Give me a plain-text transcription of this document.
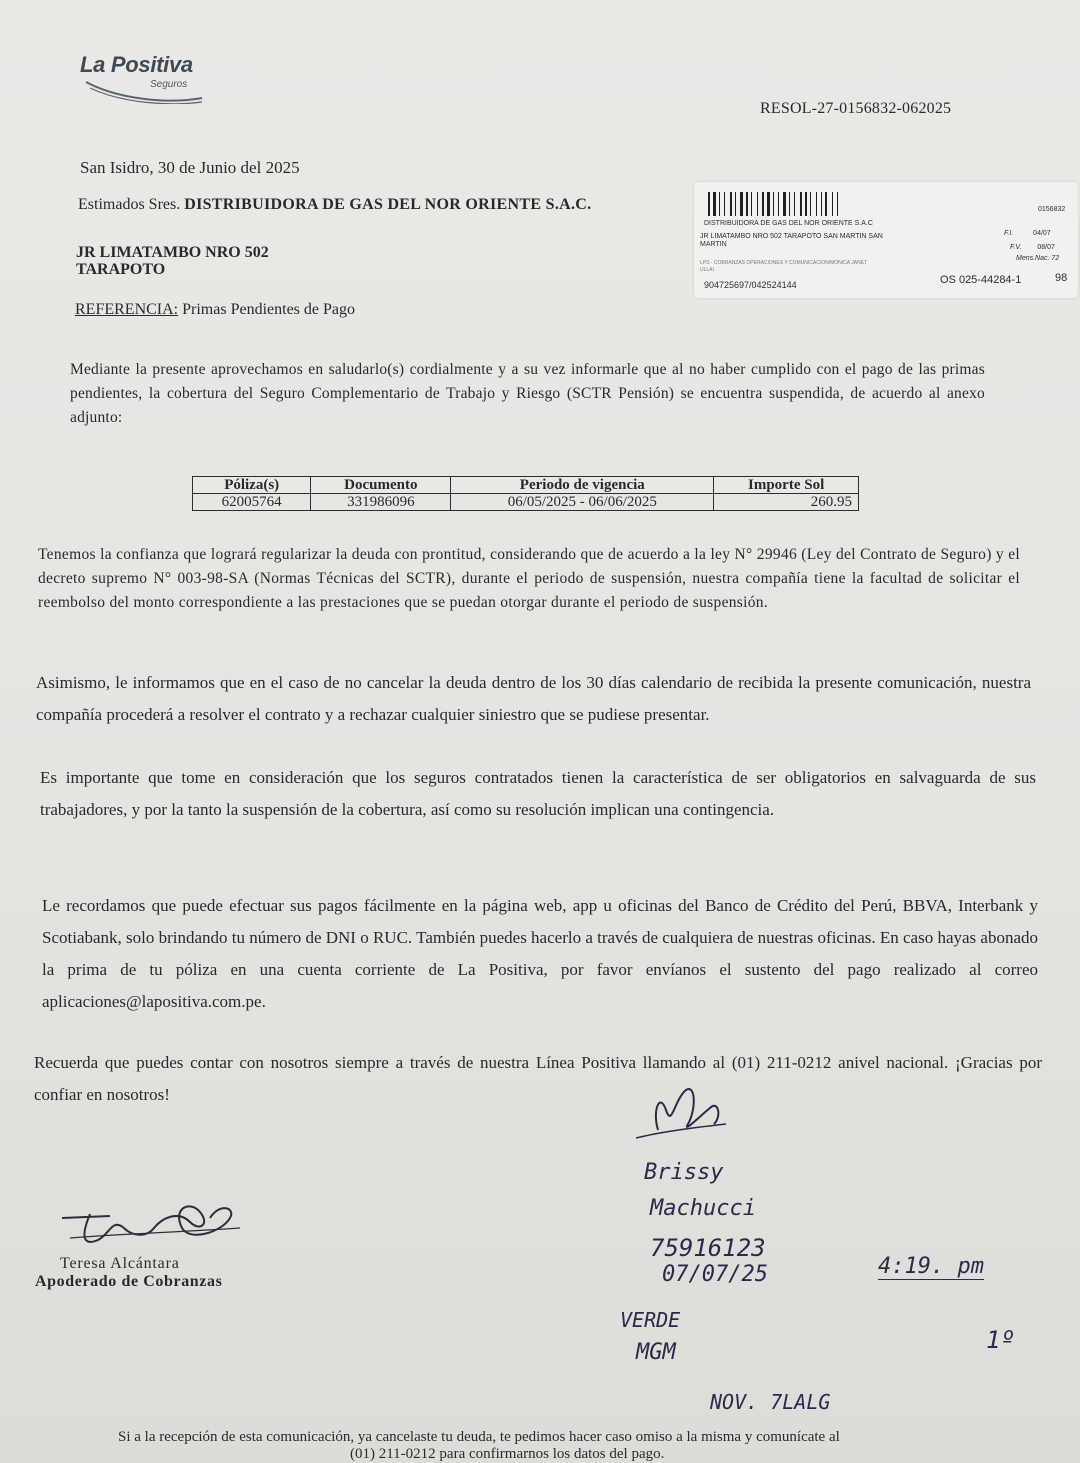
La Positiva
Seguros
RESOL-27-0156832-062025
San Isidro, 30 de Junio del 2025
Estimados Sres. DISTRIBUIDORA DE GAS DEL NOR ORIENTE S.A.C.
JR LIMATAMBO NRO 502
TARAPOTO
REFERENCIA: Primas Pendientes de Pago
0156832
DISTRIBUIDORA DE GAS DEL NOR ORIENTE S.A.C
JR LIMATAMBO NRO 502 TARAPOTO SAN MARTIN SAN
MARTIN
F.I.	04/07
F.V. 08/07
Mens.Nac. 72
LPS - COBRANZAS OPERACIONES Y COMUNICACION/MONICA JANET
ULLAI
904725697/042524144	OS 025-44284-1	98
Mediante la presente aprovechamos en saludarlo(s) cordialmente y a su vez informarle que al no haber cumplido con el pago de las primas pendientes, la cobertura del Seguro Complementario de Trabajo y Riesgo (SCTR Pensión) se encuentra suspendida, de acuerdo al anexo adjunto:
Póliza(s)	Documento	Periodo de vigencia	Importe Sol
62005764	331986096	06/05/2025 - 06/06/2025	260.95
Tenemos la confianza que logrará regularizar la deuda con prontitud, considerando que de acuerdo a la ley N° 29946 (Ley del Contrato de Seguro) y el decreto supremo N° 003-98-SA (Normas Técnicas del SCTR), durante el periodo de suspensión, nuestra compañía tiene la facultad de solicitar el reembolso del monto correspondiente a las prestaciones que se puedan otorgar durante el periodo de suspensión.
Asimismo, le informamos que en el caso de no cancelar la deuda dentro de los 30 días calendario de recibida la presente comunicación, nuestra compañía procederá a resolver el contrato y a rechazar cualquier siniestro que se pudiese presentar.
Es importante que tome en consideración que los seguros contratados tienen la característica de ser obligatorios en salvaguarda de sus trabajadores, y por la tanto la suspensión de la cobertura, así como su resolución implican una contingencia.
Le recordamos que puede efectuar sus pagos fácilmente en la página web, app u oficinas del Banco de Crédito del Perú, BBVA, Interbank y Scotiabank, solo brindando tu número de DNI o RUC. También puedes hacerlo a través de cualquiera de nuestras oficinas. En caso hayas abonado la prima de tu póliza en una cuenta corriente de La Positiva, por favor envíanos el sustento del pago realizado al correo aplicaciones@lapositiva.com.pe.
Recuerda que puedes contar con nosotros siempre a través de nuestra Línea Positiva llamando al (01) 211-0212 anivel nacional. ¡Gracias por confiar en nosotros!
Teresa Alcántara
Apoderado de Cobranzas
Brissy
Machucci
75916123
07/07/25	4:19. pm
VERDE
MGM	1º
NOV. 7LALG
Si a la recepción de esta comunicación, ya cancelaste tu deuda, te pedimos hacer caso omiso a la misma y comunícate al
(01) 211-0212 para confirmarnos los datos del pago.
